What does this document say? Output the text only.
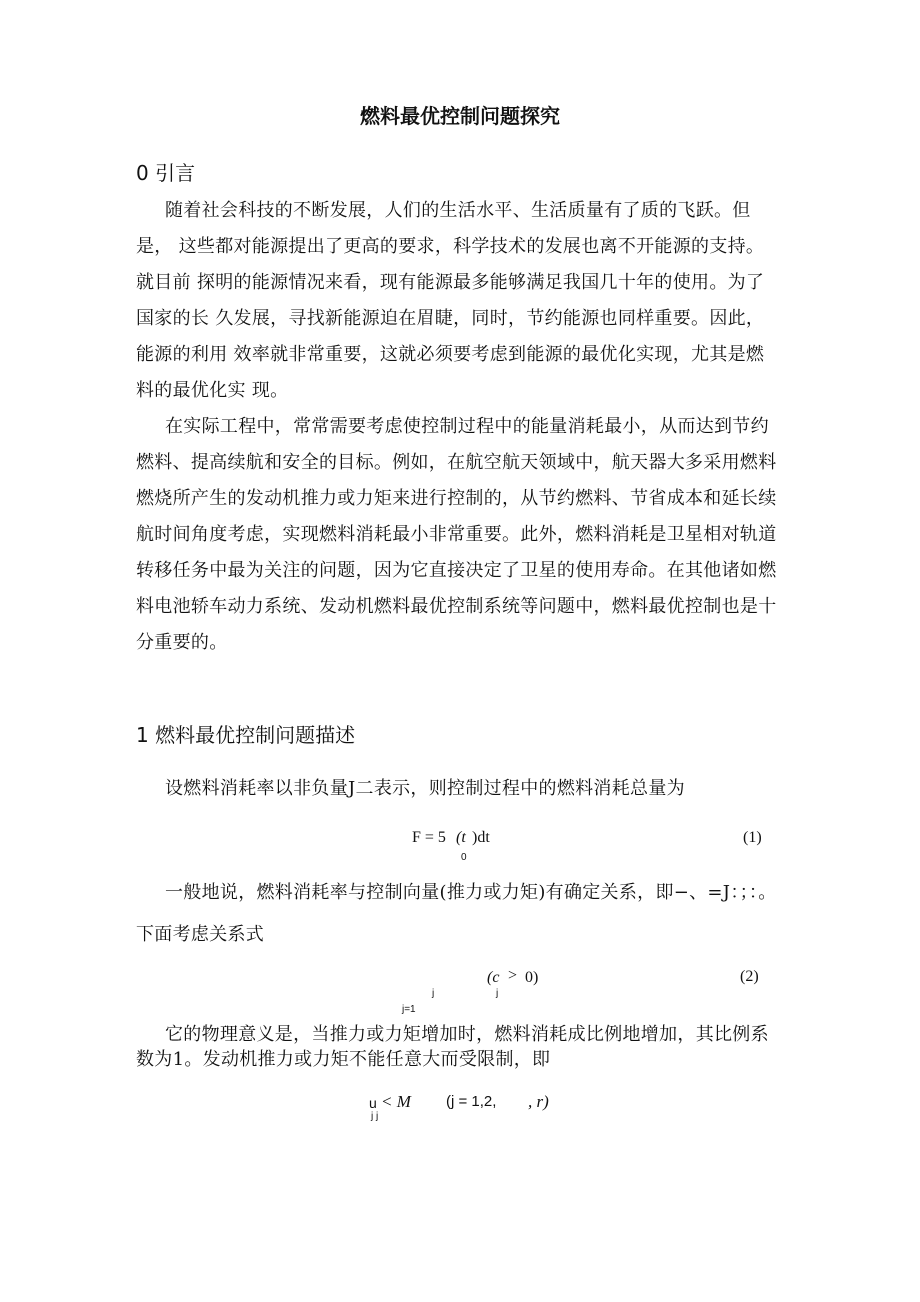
燃料最优控制问题探究
0 引言
随着社会科技的不断发展，人们的生活水平、生活质量有了质的飞跃。但
是， 这些都对能源提出了更高的要求，科学技术的发展也离不开能源的支持。
就目前 探明的能源情况来看，现有能源最多能够满足我国几十年的使用。为了
国家的长 久发展，寻找新能源迫在眉睫，同时，节约能源也同样重要。因此，
能源的利用 效率就非常重要，这就必须要考虑到能源的最优化实现，尤其是燃
料的最优化实 现。
在实际工程中，常常需要考虑使控制过程中的能量消耗最小，从而达到节约
燃料、提高续航和安全的目标。例如，在航空航天领域中，航天器大多采用燃料
燃烧所产生的发动机推力或力矩来进行控制的，从节约燃料、节省成本和延长续
航时间角度考虑，实现燃料消耗最小非常重要。此外，燃料消耗是卫星相对轨道
转移任务中最为关注的问题，因为它直接决定了卫星的使用寿命。在其他诸如燃
料电池轿车动力系统、发动机燃料最优控制系统等问题中，燃料最优控制也是十
分重要的。
1 燃料最优控制问题描述
设燃料消耗率以非负量J二表示，则控制过程中的燃料消耗总量为
F = 5 (t )dt
0
(1)
一般地说，燃料消耗率与控制向量(推力或力矩)有确定关系，即−、=J：；：。
下面考虑关系式
(c > 0)
j	j
j=1
(2)
它的物理意义是，当推力或力矩增加时，燃料消耗成比例地增加，其比例系
数为1。发动机推力或力矩不能任意大而受限制，即
u
j j
< M (j = 1,2, , r)
